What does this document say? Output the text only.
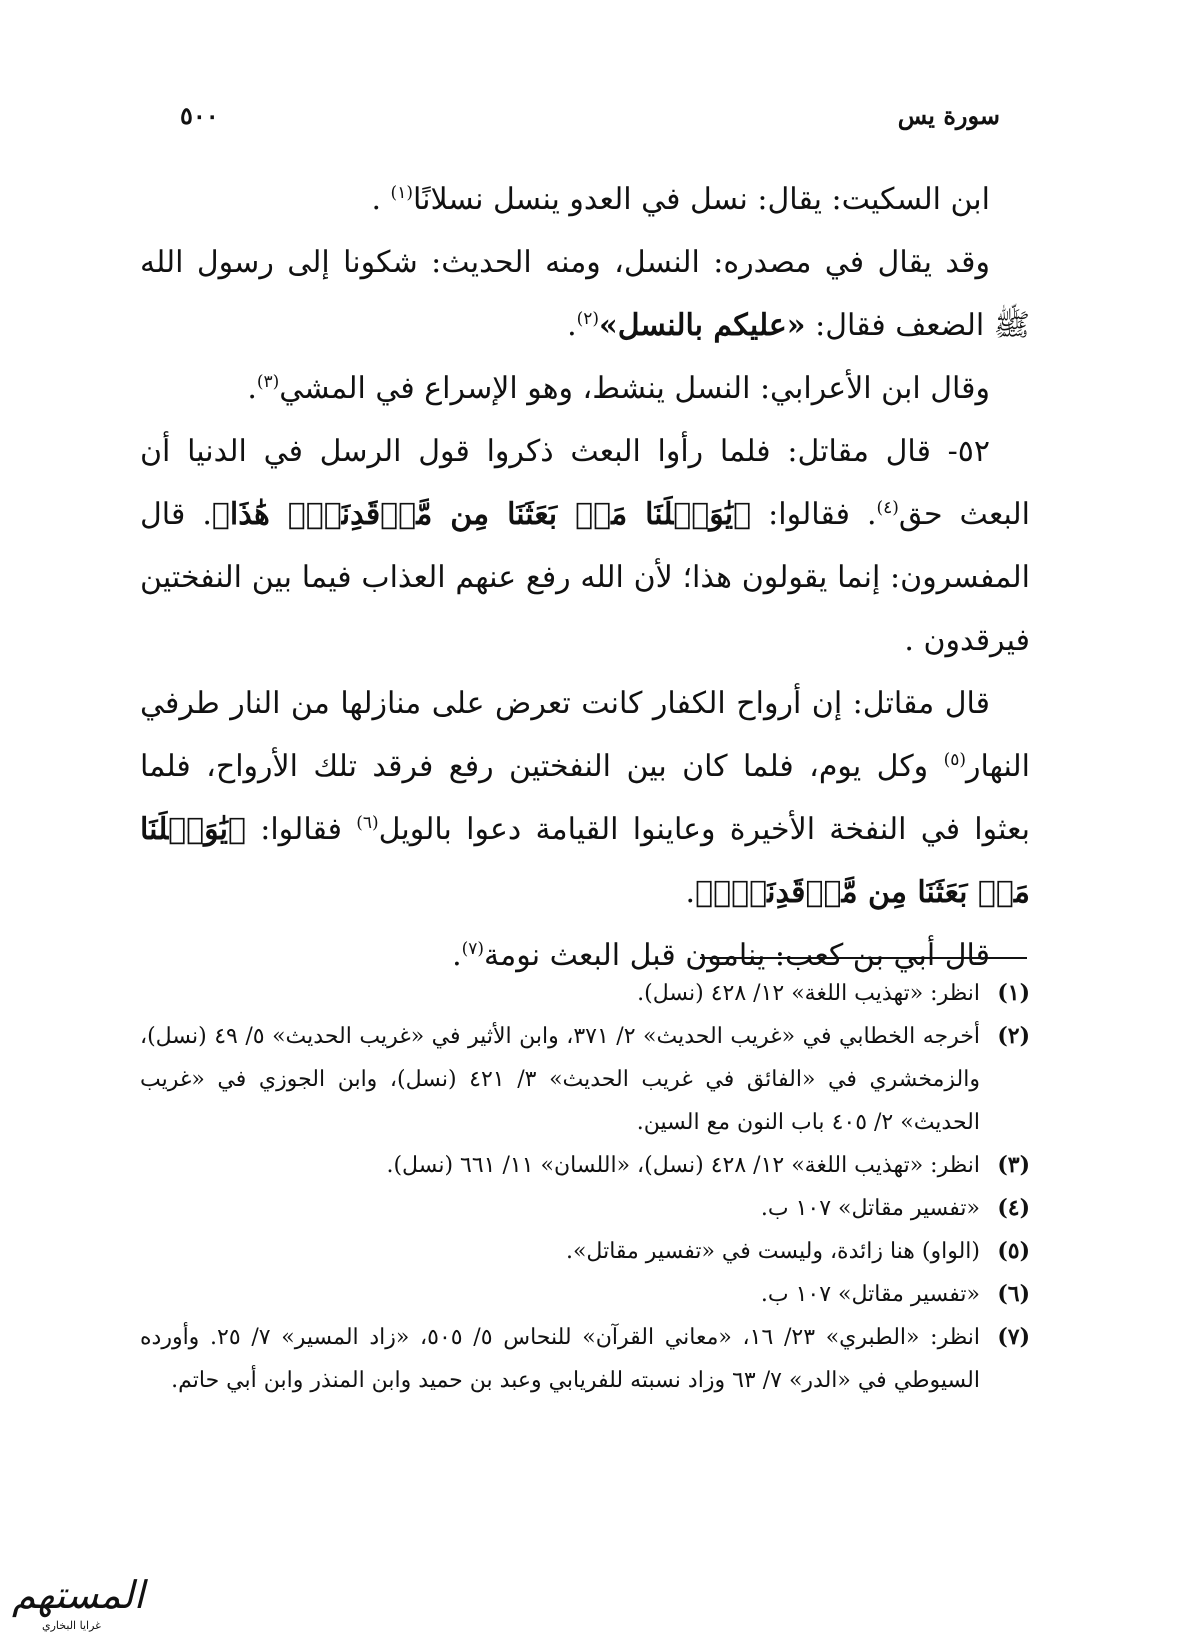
سورة يس
٥٠٠

ابن السكيت: يقال: نسل في العدو ينسل نسلانًا$^{(١)}$ .

وقد يقال في مصدره: النسل، ومنه الحديث: شكونا إلى رسول الله ﷺ الضعف فقال: «عليكم بالنسل»$^{(٢)}$.

وقال ابن الأعرابي: النسل ينشط، وهو الإسراع في المشي$^{(٣)}$.

٥٢- قال مقاتل: فلما رأوا البعث ذكروا قول الرسل في الدنيا أن البعث حق$^{(٤)}$. فقالوا: ﴿يَٰوَيۡلَنَا مَنۢ بَعَثَنَا مِن مَّرۡقَدِنَاۜۗ هَٰذَا﴾. قال المفسرون: إنما يقولون هذا؛ لأن الله رفع عنهم العذاب فيما بين النفختين فيرقدون .

قال مقاتل: إن أرواح الكفار كانت تعرض على منازلها من النار طرفي النهار$^{(٥)}$ وكل يوم، فلما كان بين النفختين رفع فرقد تلك الأرواح، فلما بعثوا في النفخة الأخيرة وعاينوا القيامة دعوا بالويل$^{(٦)}$ فقالوا: ﴿يَٰوَيۡلَنَا مَنۢ بَعَثَنَا مِن مَّرۡقَدِنَاۜۗ﴾.

قال أبي بن كعب: ينامون قبل البعث نومة$^{(٧)}$.

(١)
انظر: «تهذيب اللغة» ١٢/ ٤٢٨ (نسل).
(٢)
أخرجه الخطابي في «غريب الحديث» ٢/ ٣٧١، وابن الأثير في «غريب الحديث» ٥/ ٤٩ (نسل)، والزمخشري في «الفائق في غريب الحديث» ٣/ ٤٢١ (نسل)، وابن الجوزي في «غريب الحديث» ٢/ ٤٠٥ باب النون مع السين.
(٣)
انظر: «تهذيب اللغة» ١٢/ ٤٢٨ (نسل)، «اللسان» ١١/ ٦٦١ (نسل).
(٤)
«تفسير مقاتل» ١٠٧ ب.
(٥)
(الواو) هنا زائدة، وليست في «تفسير مقاتل».
(٦)
«تفسير مقاتل» ١٠٧ ب.
(٧)
انظر: «الطبري» ٢٣/ ١٦، «معاني القرآن» للنحاس ٥/ ٥٠٥، «زاد المسير» ٧/ ٢٥. وأورده السيوطي في «الدر» ٧/ ٦٣ وزاد نسبته للفريابي وعبد بن حميد وابن المنذر وابن أبي حاتم.
المستهم
غرايا البخاري
